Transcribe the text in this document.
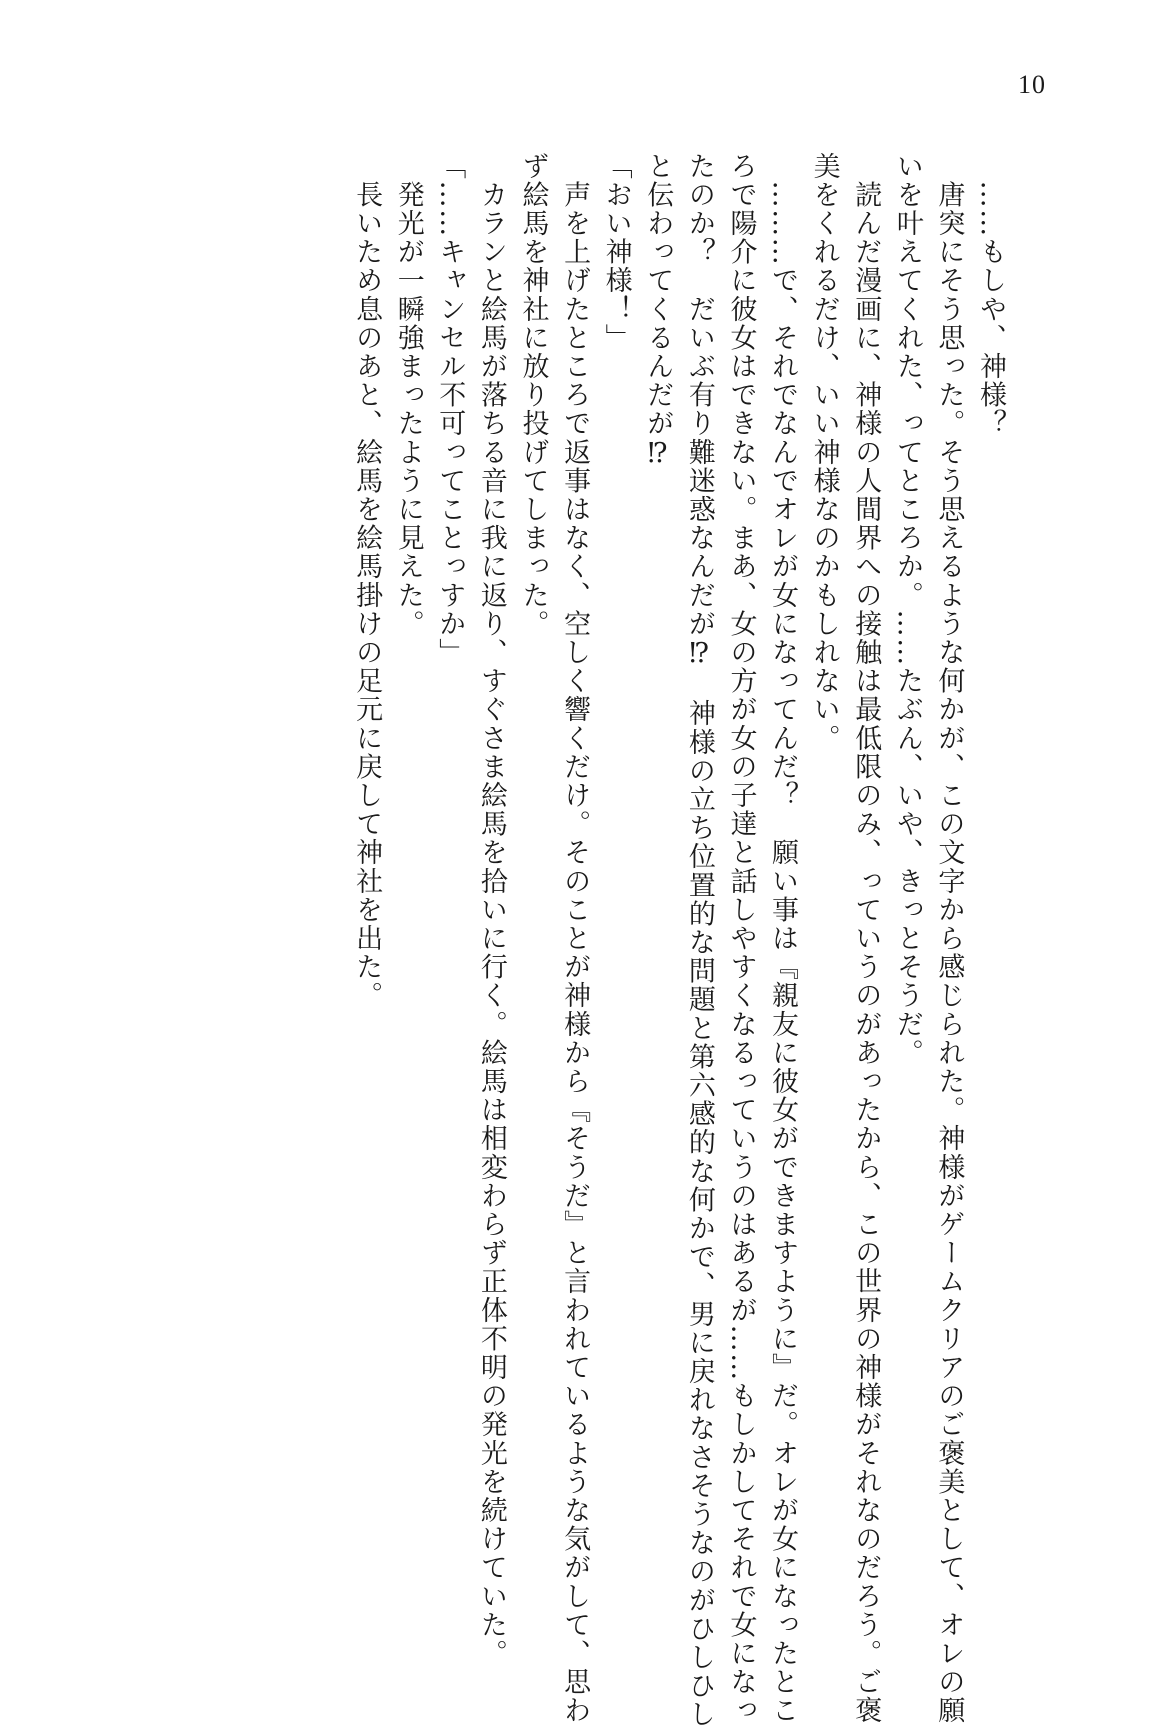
10
　……もしや、神様？
　唐突にそう思った。そう思えるような何かが、この文字から感じられた。神様がゲームクリアのご褒美として、オレの願
いを叶えてくれた、ってところか。……たぶん、いや、きっとそうだ。
　読んだ漫画に、神様の人間界への接触は最低限のみ、っていうのがあったから、この世界の神様がそれなのだろう。ご褒
美をくれるだけ、いい神様なのかもしれない。
　………で、それでなんでオレが女になってんだ？　願い事は『親友に彼女ができますように』だ。オレが女になったとこ
ろで陽介に彼女はできない。まあ、女の方が女の子達と話しやすくなるっていうのはあるが……もしかしてそれで女になっ
たのか？　だいぶ有り難迷惑なんだが⁉　神様の立ち位置的な問題と第六感的な何かで、男に戻れなさそうなのがひしひし
と伝わってくるんだが⁉
「おい神様！」
　声を上げたところで返事はなく、空しく響くだけ。そのことが神様から『そうだ』と言われているような気がして、思わ
ず絵馬を神社に放り投げてしまった。
　カランと絵馬が落ちる音に我に返り、すぐさま絵馬を拾いに行く。絵馬は相変わらず正体不明の発光を続けていた。
「……キャンセル不可ってことっすか」
　発光が一瞬強まったように見えた。
　長いため息のあと、絵馬を絵馬掛けの足元に戻して神社を出た。
